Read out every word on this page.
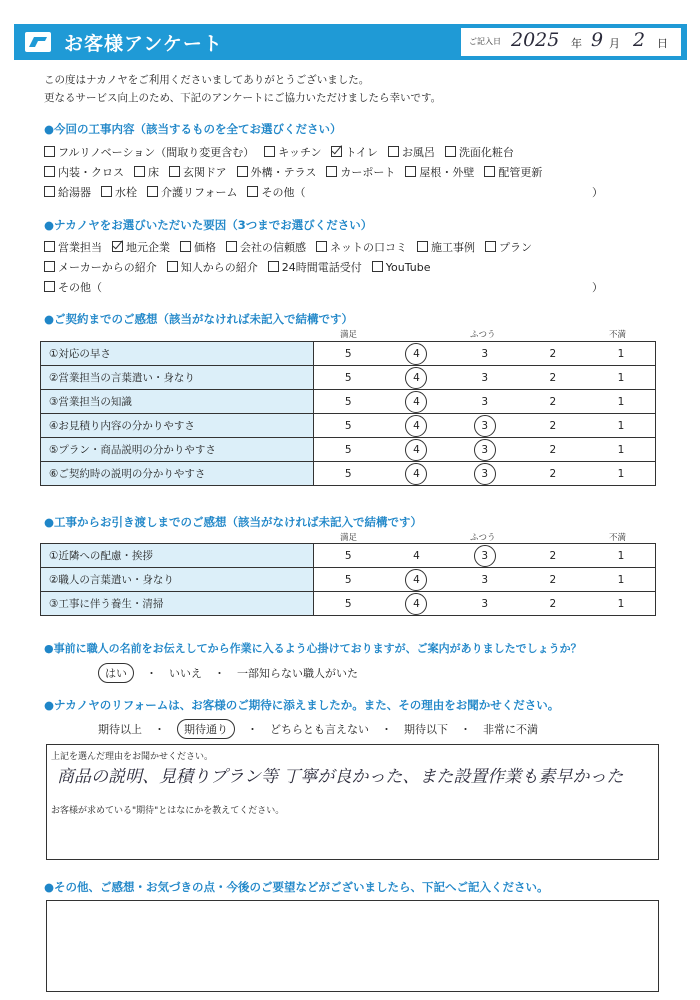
お客様アンケート	ご記入日 2025 年 9 月 2 日
この度はナカノヤをご利用くださいましてありがとうございました。
更なるサービス向上のため、下記のアンケートにご協力いただけましたら幸いです。
●今回の工事内容（該当するものを全てお選びください）
フルリノベーション（間取り変更含む） キッチン トイレ お風呂 洗面化粧台
内装・クロス 床 玄関ドア 外構・テラス カーポート 屋根・外壁 配管更新
給湯器 水栓 介護リフォーム その他（	）
●ナカノヤをお選びいただいた要因（3つまでお選びください）
営業担当 地元企業 価格 会社の信頼感 ネットの口コミ 施工事例 プラン
メーカーからの紹介 知人からの紹介 24時間電話受付 YouTube
その他（	）
●ご契約までのご感想（該当がなければ未記入で結構です）
満足	ふつう	不満
①対応の早さ	5	4	3	2	1
②営業担当の言葉遣い・身なり	5	4	3	2	1
③営業担当の知識	5	4	3	2	1
④お見積り内容の分かりやすさ	5	4	3	2	1
⑤プラン・商品説明の分かりやすさ	5	4	3	2	1
⑥ご契約時の説明の分かりやすさ	5	4	3	2	1
●工事からお引き渡しまでのご感想（該当がなければ未記入で結構です）
満足	ふつう	不満
①近隣への配慮・挨拶	5	4	3	2	1
②職人の言葉遣い・身なり	5	4	3	2	1
③工事に伴う養生・清掃	5	4	3	2	1
●事前に職人の名前をお伝えしてから作業に入るよう心掛けておりますが、ご案内がありましたでしょうか？
はい ・ いいえ ・ 一部知らない職人がいた
●ナカノヤのリフォームは、お客様のご期待に添えましたか。また、その理由をお聞かせください。
期待以上 ・ 期待通り ・ どちらとも言えない ・ 期待以下 ・ 非常に不満
上記を選んだ理由をお聞かせください。
商品の説明、見積りプラン等 丁寧が良かった、また設置作業も素早かった
お客様が求めている"期待"とはなにかを教えてください。
●その他、ご感想・お気づきの点・今後のご要望などがございましたら、下記へご記入ください。
